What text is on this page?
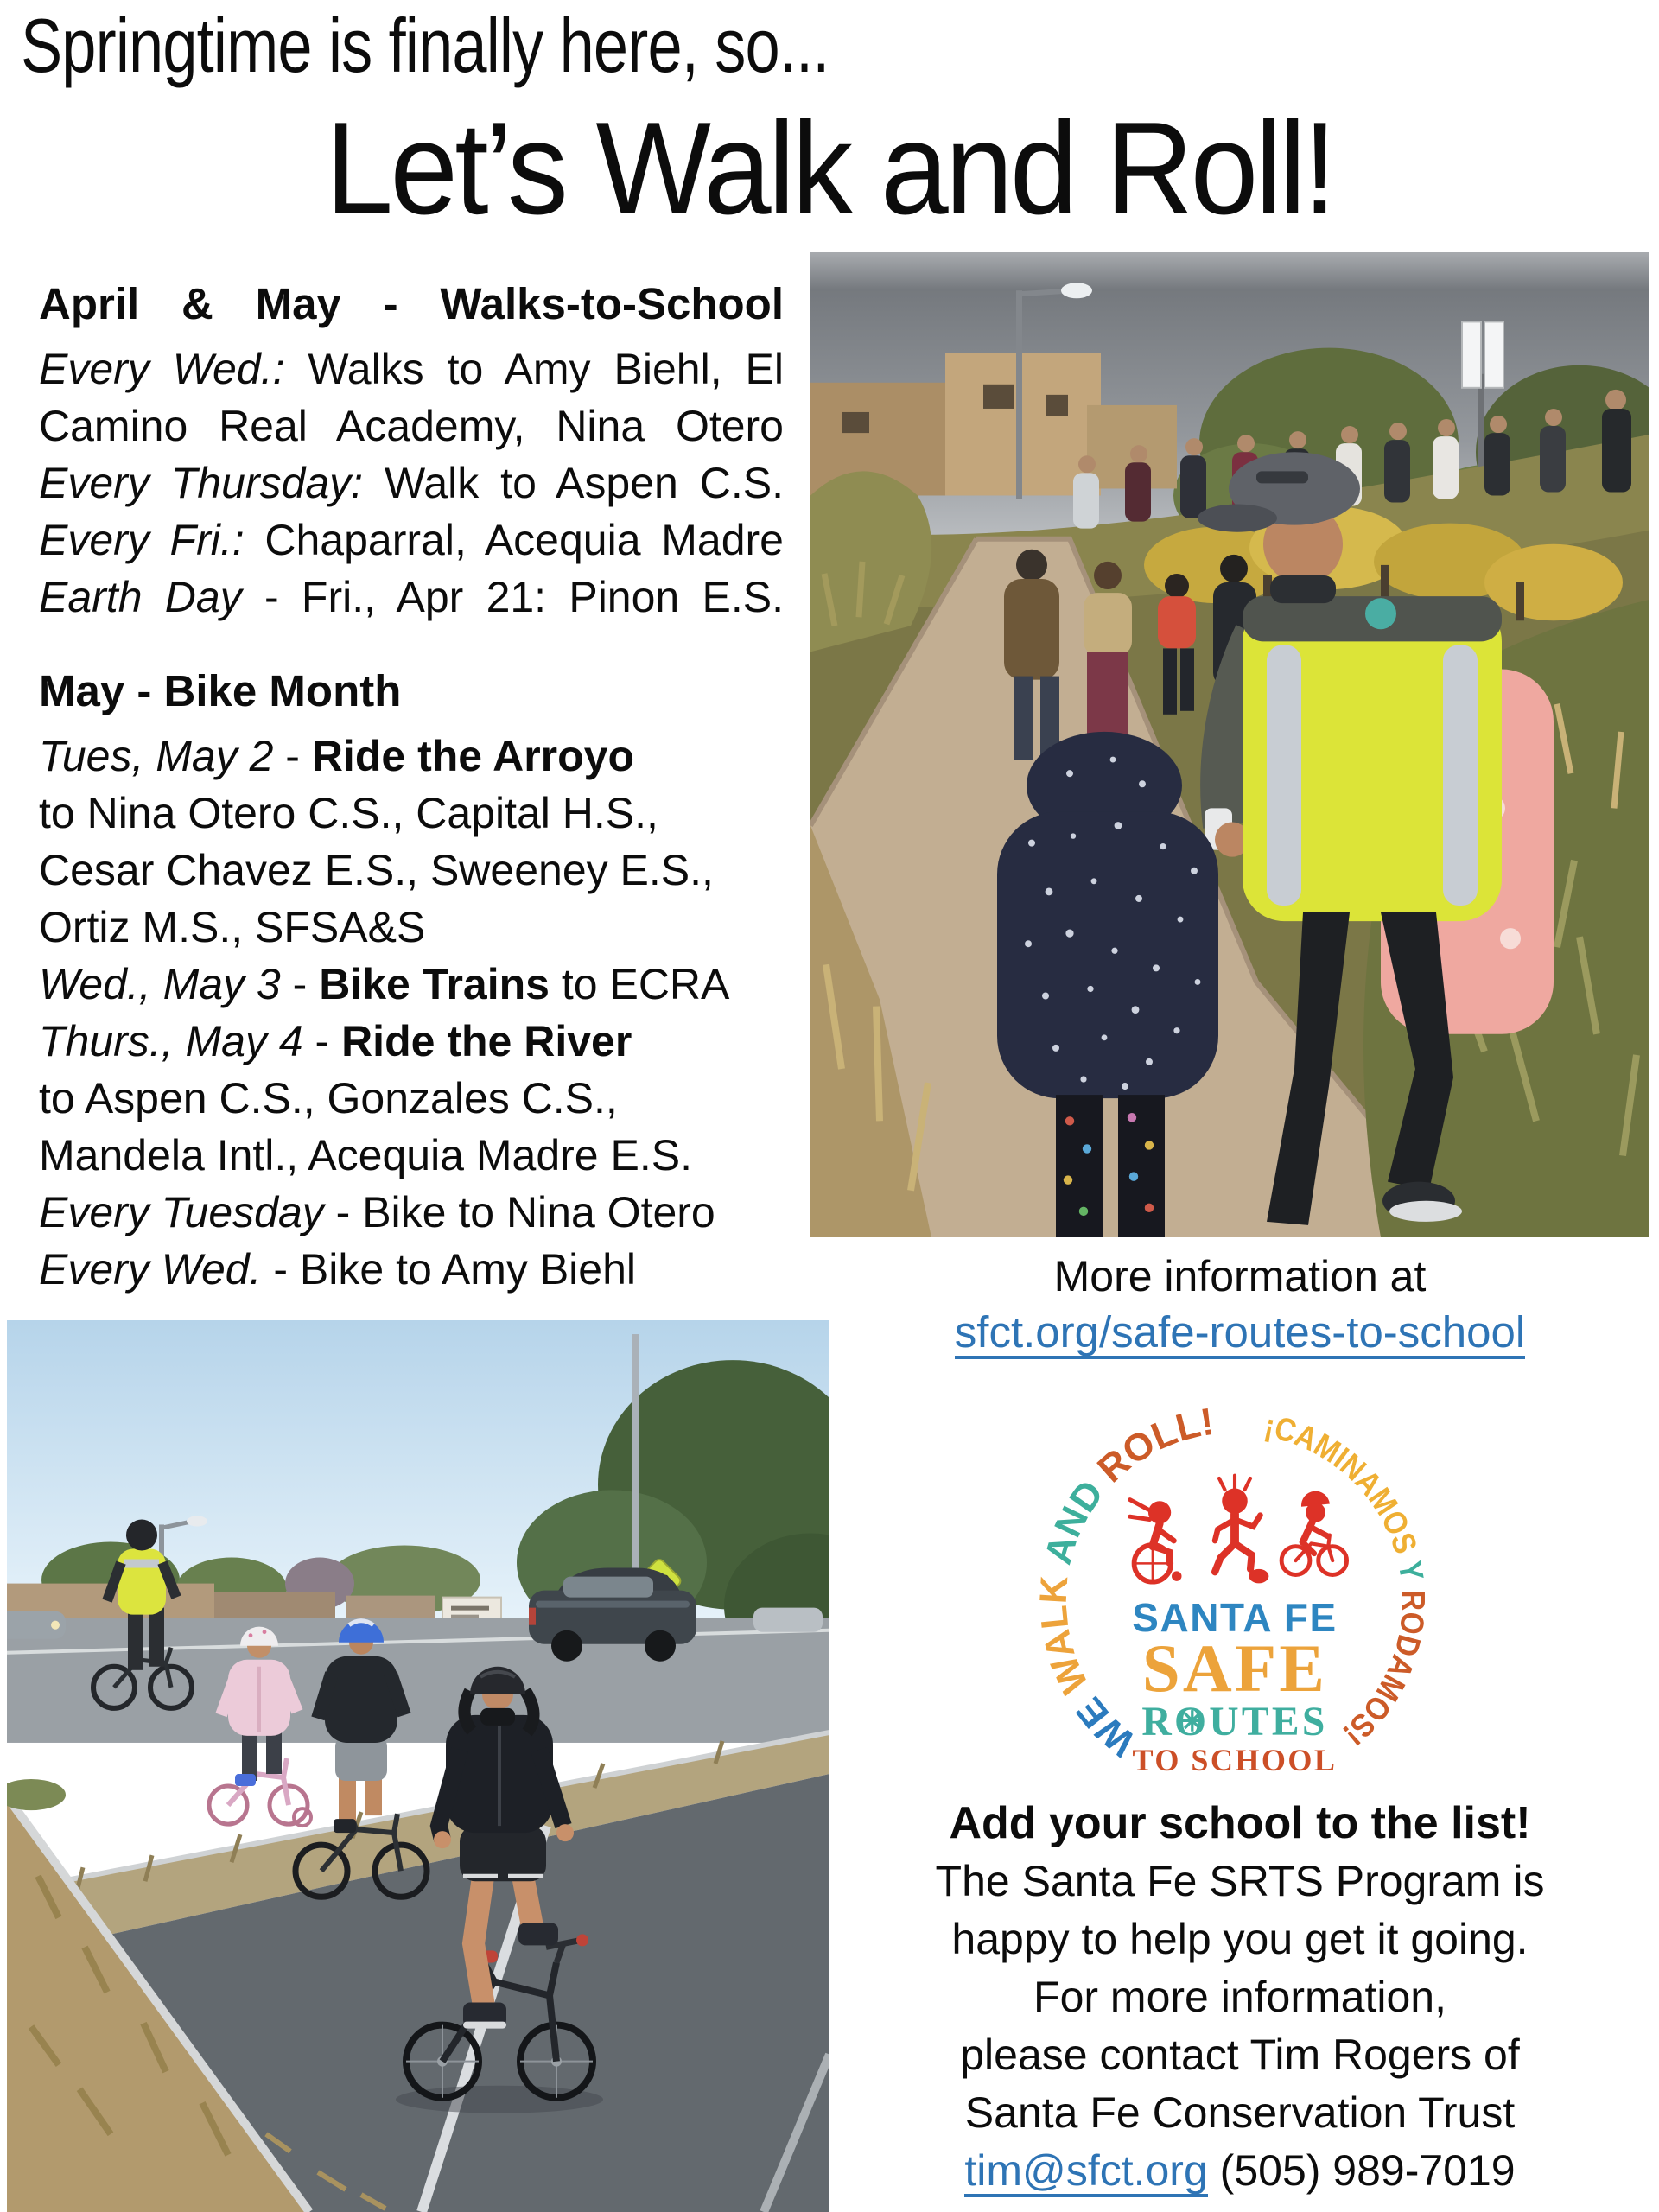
Springtime is finally here, so...
Let’s Walk and Roll!
April & May - Walks-to-School
Every Wed.: Walks to Amy Biehl, El
Camino Real Academy, Nina Otero
Every Thursday: Walk to Aspen C.S.
Every Fri.: Chaparral, Acequia Madre
Earth Day - Fri., Apr 21: Pinon E.S.
May - Bike Month
Tues, May 2 - Ride the Arroyo
to Nina Otero C.S., Capital H.S.,
Cesar Chavez E.S., Sweeney E.S.,
Ortiz M.S., SFSA&S
Wed., May 3 - Bike Trains to ECRA
Thurs., May 4 - Ride the River
to Aspen C.S., Gonzales C.S.,
Mandela Intl., Acequia Madre E.S.
Every Tuesday - Bike to Nina Otero
Every Wed. - Bike to Amy Biehl	More information at
sfct.org/safe-routes-to-school
WE WALK AND ROLL!	¡CAMINAMOS Y RODAMOS!
SANTA FE
SAFE
ROUTES
TO SCHOOL
Add your school to the list!
The Santa Fe SRTS Program is
happy to help you get it going.
For more information,
please contact Tim Rogers of
Santa Fe Conservation Trust
tim@sfct.org (505) 989-7019
